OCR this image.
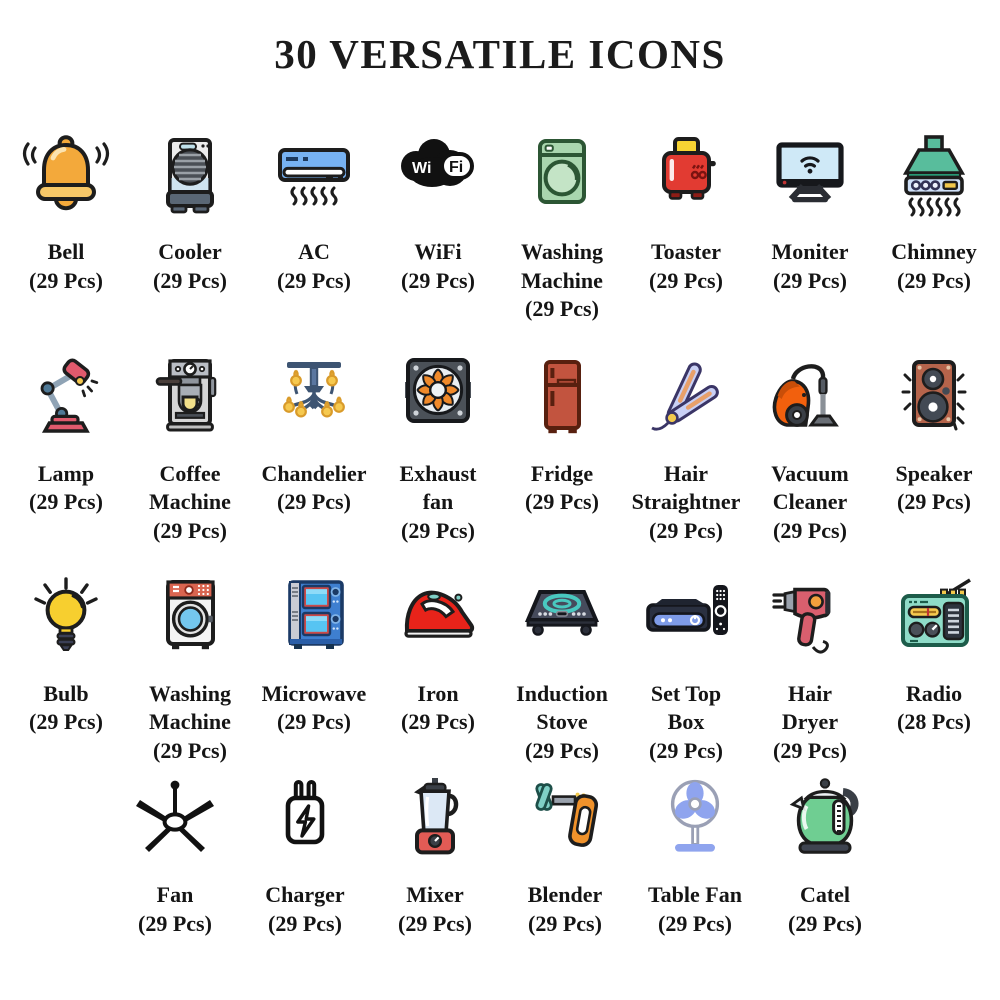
30 VERSATILE ICONS
Bell
(29 Pcs)
Cooler
(29 Pcs)
AC
(29 Pcs)
Wi Fi
WiFi
(29 Pcs)
Washing Machine
(29 Pcs)
Toaster
(29 Pcs)
Moniter
(29 Pcs)
Chimney
(29 Pcs)
Lamp
(29 Pcs)
Coffee Machine
(29 Pcs)
Chandelier
(29 Pcs)
Exhaust fan
(29 Pcs)
Fridge
(29 Pcs)
Hair Straightner
(29 Pcs)
Vacuum Cleaner
(29 Pcs)
Speaker
(29 Pcs)
Bulb
(29 Pcs)
Washing Machine
(29 Pcs)
Microwave
(29 Pcs)
Iron
(29 Pcs)
Induction Stove
(29 Pcs)
Set Top Box
(29 Pcs)
Hair Dryer
(29 Pcs)
Radio
(28 Pcs)
Fan
(29 Pcs)
Charger
(29 Pcs)
Mixer
(29 Pcs)
Blender
(29 Pcs)
Table Fan
(29 Pcs)
Catel
(29 Pcs)
